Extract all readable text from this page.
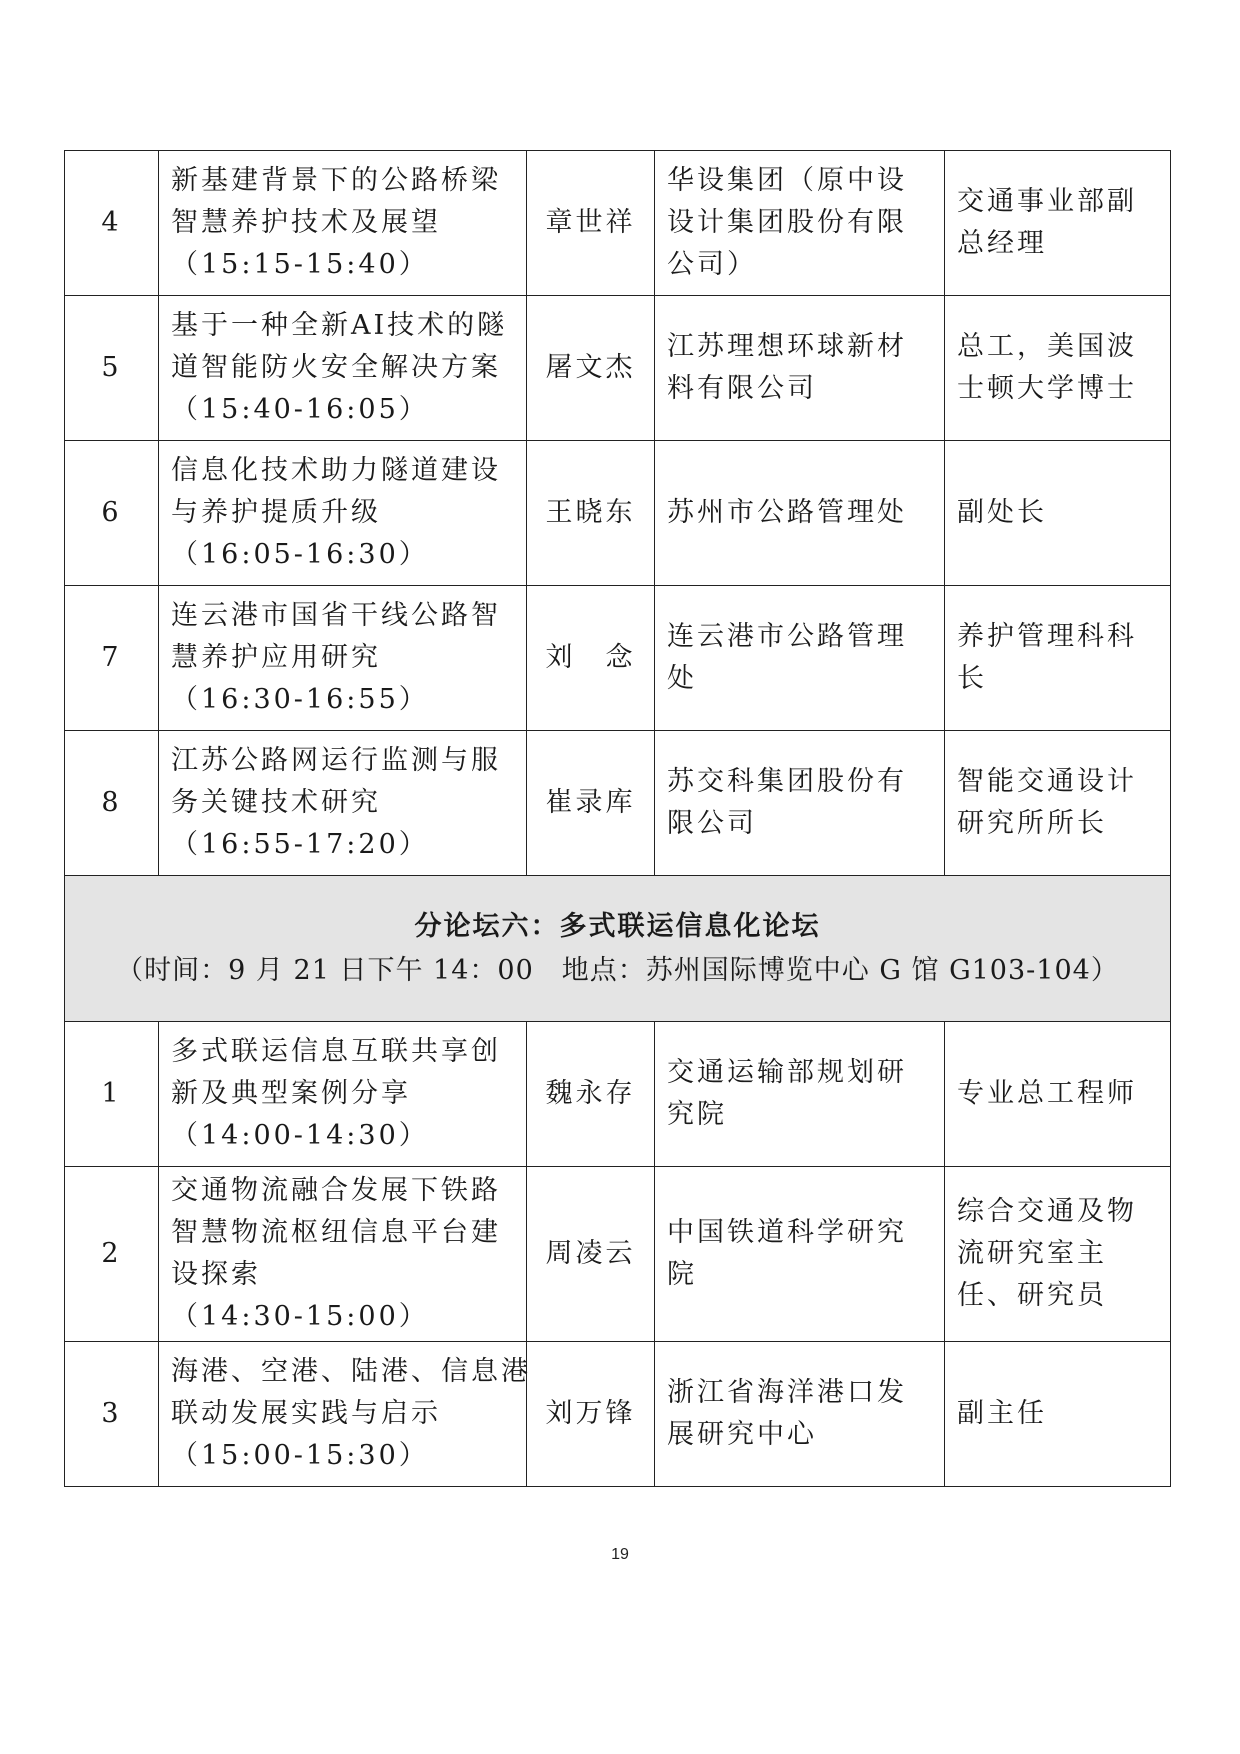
4	新基建背景下的公路桥梁
智慧养护技术及展望
（15:15-15:40）	章世祥	华设集团（原中设设计集团股份有限公司）	交通事业部副总经理
5	基于一种全新AI技术的隧
道智能防火安全解决方案
（15:40-16:05）	屠文杰	江苏理想环球新材料有限公司	总工，美国波士顿大学博士
6	信息化技术助力隧道建设
与养护提质升级
（16:05-16:30）	王晓东	苏州市公路管理处	副处长
7	连云港市国省干线公路智
慧养护应用研究
（16:30-16:55）	刘　念	连云港市公路管理处	养护管理科科长
8	江苏公路网运行监测与服
务关键技术研究
（16:55-17:20）	崔录库	苏交科集团股份有限公司	智能交通设计研究所所长

分论坛六：多式联运信息化论坛
（时间：9 月 21 日下午 14：00　地点：苏州国际博览中心 G 馆 G103-104）				

1	多式联运信息互联共享创
新及典型案例分享
（14:00-14:30）	魏永存	交通运输部规划研究院	专业总工程师
2	交通物流融合发展下铁路
智慧物流枢纽信息平台建
设探索
（14:30-15:00）	周凌云	中国铁道科学研究院	综合交通及物流研究室主任、研究员
3	海港、空港、陆港、信息港
联动发展实践与启示
（15:00-15:30）	刘万锋	浙江省海洋港口发展研究中心	副主任
19
